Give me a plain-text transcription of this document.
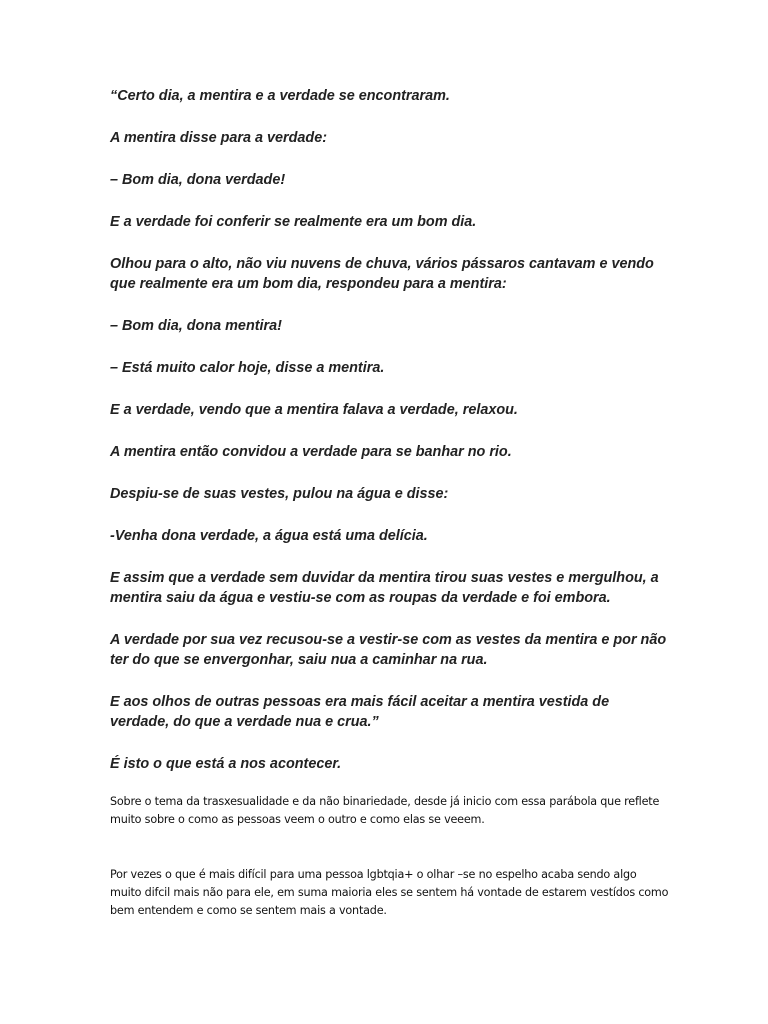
“Certo dia, a mentira e a verdade se encontraram.

A mentira disse para a verdade:

– Bom dia, dona verdade!

E a verdade foi conferir se realmente era um bom dia.

Olhou para o alto, não viu nuvens de chuva, vários pássaros cantavam e vendo que realmente era um bom dia, respondeu para a mentira:

– Bom dia, dona mentira!

– Está muito calor hoje, disse a mentira.

E a verdade, vendo que a mentira falava a verdade, relaxou.

A mentira então convidou a verdade para se banhar no rio.

Despiu-se de suas vestes, pulou na água e disse:

-Venha dona verdade, a água está uma delícia.

E assim que a verdade sem duvidar da mentira tirou suas vestes e mergulhou, a mentira saiu da água e vestiu-se com as roupas da verdade e foi embora.

A verdade por sua vez recusou-se a vestir-se com as vestes da mentira e por não ter do que se envergonhar, saiu nua a caminhar na rua.

E aos olhos de outras pessoas era mais fácil aceitar a mentira vestida de verdade, do que a verdade nua e crua.”

É isto o que está a nos acontecer.

Sobre o tema da trasxesualidade e da não binariedade, desde já inicio com essa parábola que reflete muito sobre o como as pessoas veem o outro e como elas se veeem.

Por vezes o que é mais difícil para uma pessoa lgbtqia+ o olhar –se no espelho acaba sendo algo muito difcil mais não para ele, em suma maioria eles se sentem há vontade de estarem vestídos como bem entendem e como se sentem mais a vontade.
